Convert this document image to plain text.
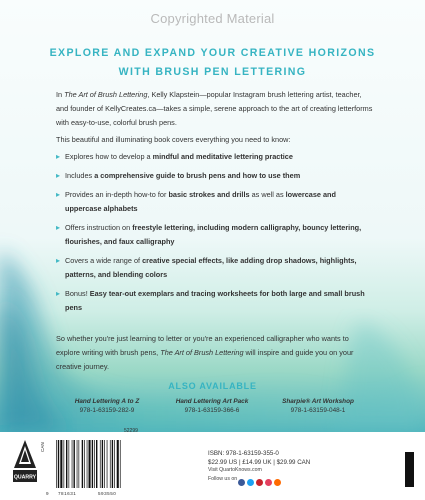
Copyrighted Material
EXPLORE AND EXPAND YOUR CREATIVE HORIZONS WITH BRUSH PEN LETTERING

In The Art of Brush Lettering, Kelly Klapstein—popular Instagram brush lettering artist, teacher, and founder of KellyCreates.ca—takes a simple, serene approach to the art of creating letterforms with easy-to-use, colorful brush pens.

This beautiful and illuminating book covers everything you need to know:

▸ Explores how to develop a mindful and meditative lettering practice
▸ Includes a comprehensive guide to brush pens and how to use them
▸ Provides an in-depth how-to for basic strokes and drills as well as lowercase and uppercase alphabets
▸ Offers instruction on freestyle lettering, including modern calligraphy, bouncy lettering, flourishes, and faux calligraphy
▸ Covers a wide range of creative special effects, like adding drop shadows, highlights, patterns, and blending colors
▸ Bonus! Easy tear-out exemplars and tracing worksheets for both large and small brush pens

So whether you're just learning to letter or you're an experienced calligrapher who wants to explore writing with brush pens, The Art of Brush Lettering will inspire and guide you on your creative journey.

ALSO AVAILABLE
Hand Lettering A to Z
978-1-63159-282-9
Hand Lettering Art Pack
978-1-63159-366-6
Sharpie® Art Workshop
978-1-63159-048-1
QUARRY
52299
9 781631	593550
CAN
ISBN: 978-1-63159-355-0
$22.99 US | £14.99 UK | $29.99 CAN
Visit QuartoKnows.com
Follow us on
